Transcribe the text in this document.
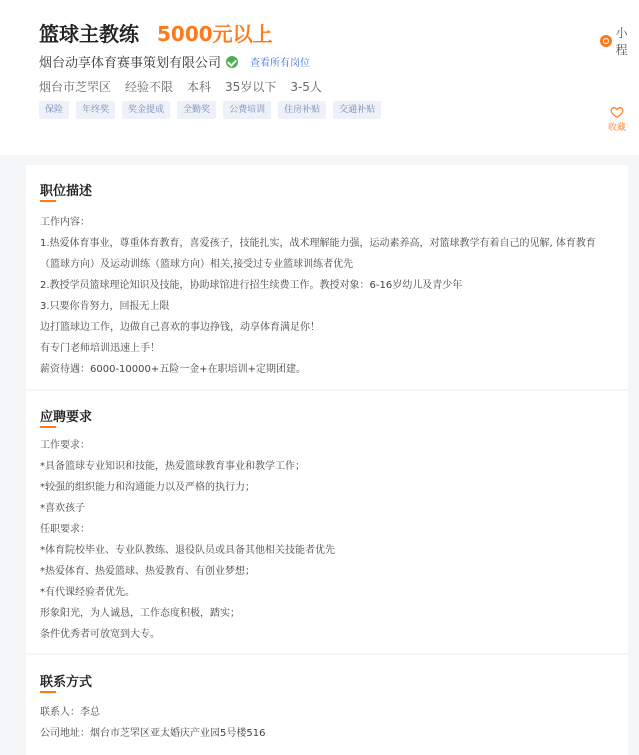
篮球主教练 5000元以上
烟台动享体育赛事策划有限公司	查看所有岗位
烟台市芝罘区 经验不限 本科 35岁以下 3-5人
保险	年终奖	奖金提成	全勤奖	公费培训	住房补贴	交通补贴
小程
收藏
职位描述
工作内容：
1.热爱体育事业，尊重体育教育，喜爱孩子，技能扎实，战术理解能力强，运动素养高，对篮球教学有着自己的见解, 体育教育
（篮球方向）及运动训练（篮球方向）相关,接受过专业篮球训练者优先
2.教授学员篮球理论知识及技能，协助球馆进行招生续费工作。教授对象：6-16岁幼儿及青少年
3.只要你肯努力，回报无上限
边打篮球边工作，边做自己喜欢的事边挣钱，动享体育满足你！
有专门老师培训迅速上手！
薪资待遇：6000-10000+五险一金+在职培训+定期团建。
应聘要求
工作要求：
*具备篮球专业知识和技能，热爱篮球教育事业和教学工作；
*较强的组织能力和沟通能力以及严格的执行力；
*喜欢孩子
任职要求：
*体育院校毕业、专业队教练、退役队员或具备其他相关技能者优先
*热爱体育、热爱篮球、热爱教育、有创业梦想；
*有代课经验者优先。
形象阳光，为人诚恳，工作态度积极，踏实；
条件优秀者可放宽到大专。
联系方式
联系人：李总
公司地址：烟台市芝罘区亚太婚庆产业园5号楼516
